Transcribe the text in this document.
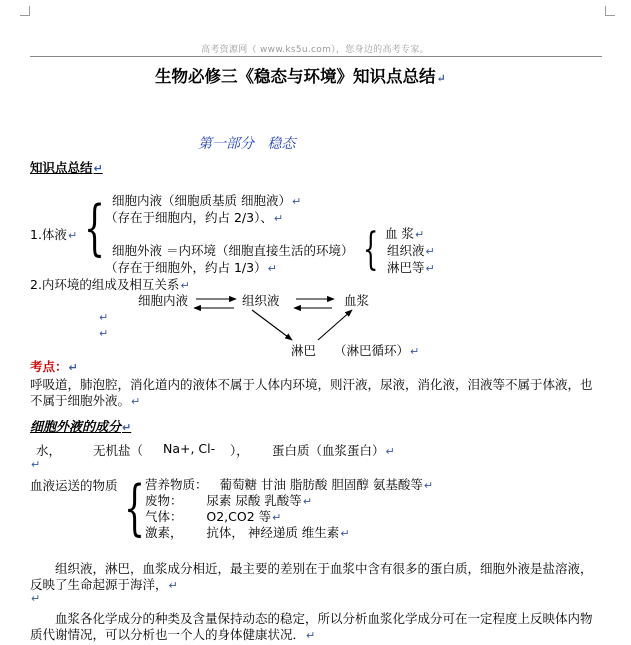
高考资源网（ www.ks5u.com），您身边的高考专家。
生物必修三《稳态与环境》知识点总结↵
第一部分 稳态
知识点总结↵
{ 细胞内液（细胞质基质 细胞液）↵
（存在于细胞内，约占 2/3）、↵
1.体液↵
细胞外液 ＝内环境（细胞直接生活的环境）
（存在于细胞外，约占 1/3）↵ { 血 浆↵
组织液↵
淋巴等↵
2.内环境的组成及相互关系↵
细胞内液	组织液	血浆
淋巴 （淋巴循环）↵
↵
↵
考点：↵
呼吸道，肺泡腔，消化道内的液体不属于人体内环境，则汗液，尿液，消化液，泪液等不属于体液，也
不属于细胞外液。↵
细胞外液的成分↵
水，	无机盐（ Na+, Cl- ）， 蛋白质（血浆蛋白）↵
↵
血液运送的物质 { 营养物质： 葡萄糖 甘油 脂肪酸 胆固醇 氨基酸等↵
废物： 尿素 尿酸 乳酸等↵
气体： O2,CO2 等↵
激素， 抗体， 神经递质 维生素↵
组织液，淋巴，血浆成分相近，最主要的差别在于血浆中含有很多的蛋白质，细胞外液是盐溶液，
反映了生命起源于海洋，↵
↵
血浆各化学成分的种类及含量保持动态的稳定，所以分析血浆化学成分可在一定程度上反映体内物
质代谢情况，可以分析也一个人的身体健康状况．↵
